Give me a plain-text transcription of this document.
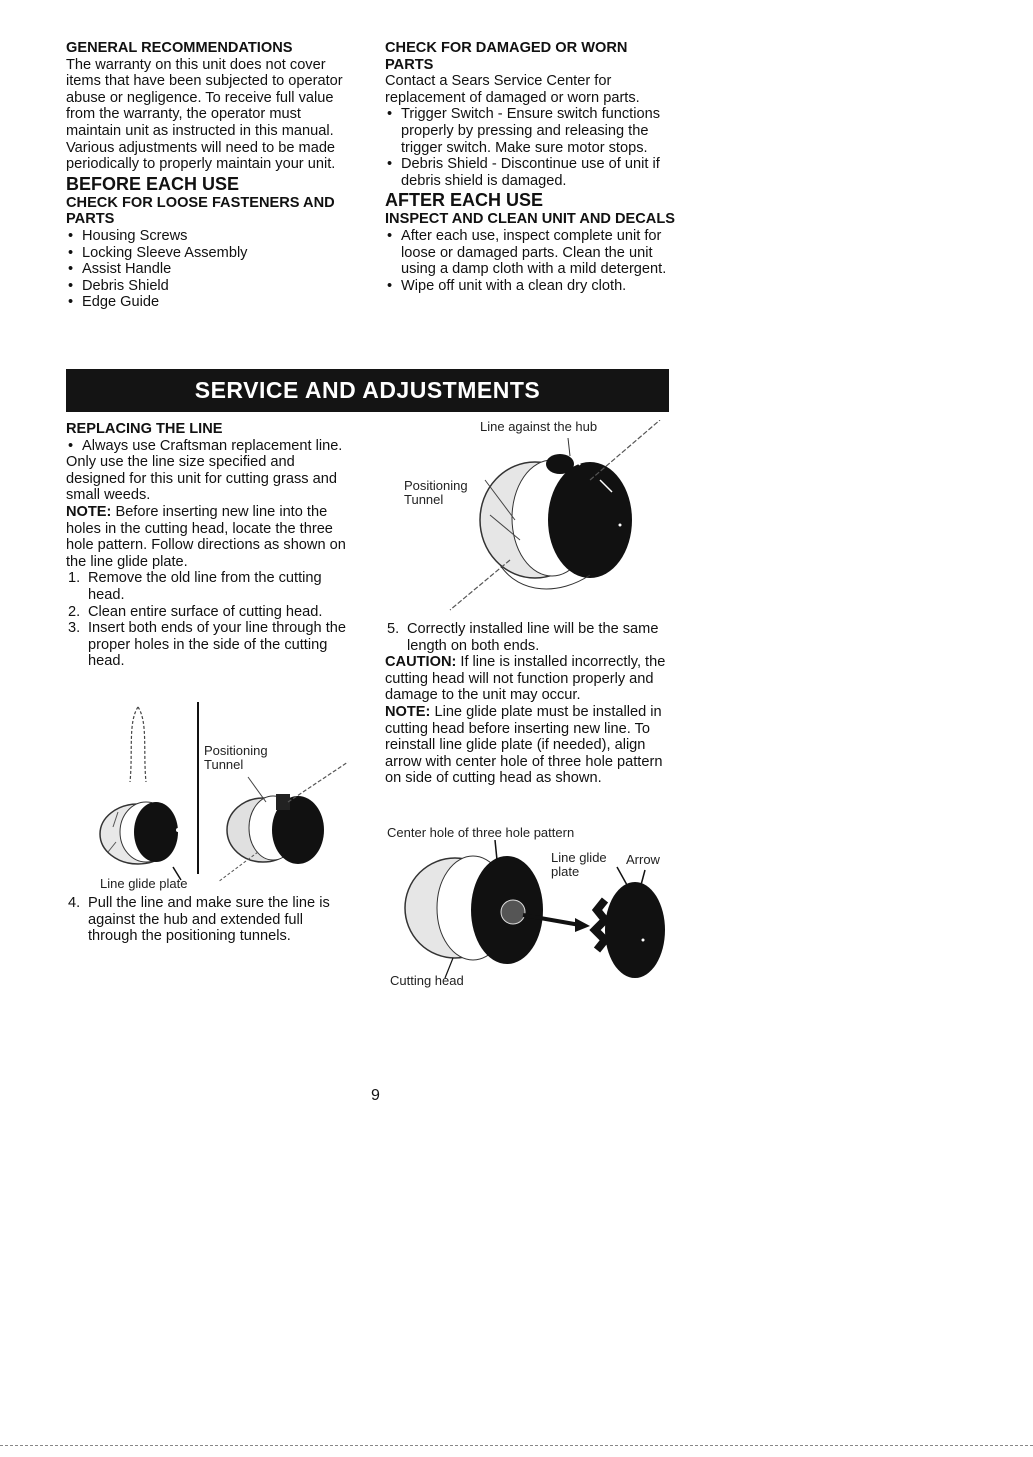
GENERAL RECOMMENDATIONS

The warranty on this unit does not cover items that have been subjected to operator abuse or negligence. To receive full value from the warranty, the operator must maintain unit as instructed in this manual. Various adjustments will need to be made periodically to properly maintain your unit.

BEFORE EACH USE
CHECK FOR LOOSE FASTENERS AND PARTS
• Housing Screws
• Locking Sleeve Assembly
• Assist Handle
• Debris Shield
• Edge Guide
CHECK FOR DAMAGED OR WORN PARTS

Contact a Sears Service Center for replacement of damaged or worn parts.

• Trigger Switch - Ensure switch functions properly by pressing and releasing the trigger switch. Make sure motor stops.
• Debris Shield - Discontinue use of unit if debris shield is damaged.
AFTER EACH USE
INSPECT AND CLEAN UNIT AND DECALS
• After each use, inspect complete unit for loose or damaged parts. Clean the unit using a damp cloth with a mild detergent.
• Wipe off unit with a clean dry cloth.
SERVICE AND ADJUSTMENTS
REPLACING THE LINE
• Always use Craftsman replacement line.

Only use the line size specified and designed for this unit for cutting grass and small weeds.

NOTE: Before inserting new line into the holes in the cutting head, locate the three hole pattern. Follow directions as shown on the line glide plate.

1. Remove the old line from the cutting head.
2. Clean entire surface of cutting head.
3. Insert both ends of your line through the proper holes in the side of the cutting head.
Positioning Tunnel
Line glide plate
4. Pull the line and make sure the line is against the hub and extended full through the positioning tunnels.
Line against the hub
Positioning Tunnel
5. Correctly installed line will be the same length on both ends.

CAUTION: If line is installed incorrectly, the cutting head will not function properly and damage to the unit may occur.

NOTE: Line glide plate must be installed in cutting head before inserting new line. To reinstall line glide plate (if needed), align arrow with center hole of three hole pattern on side of cutting head as shown.

Center hole of three hole pattern
Line glide plate
Arrow
Cutting head
9
